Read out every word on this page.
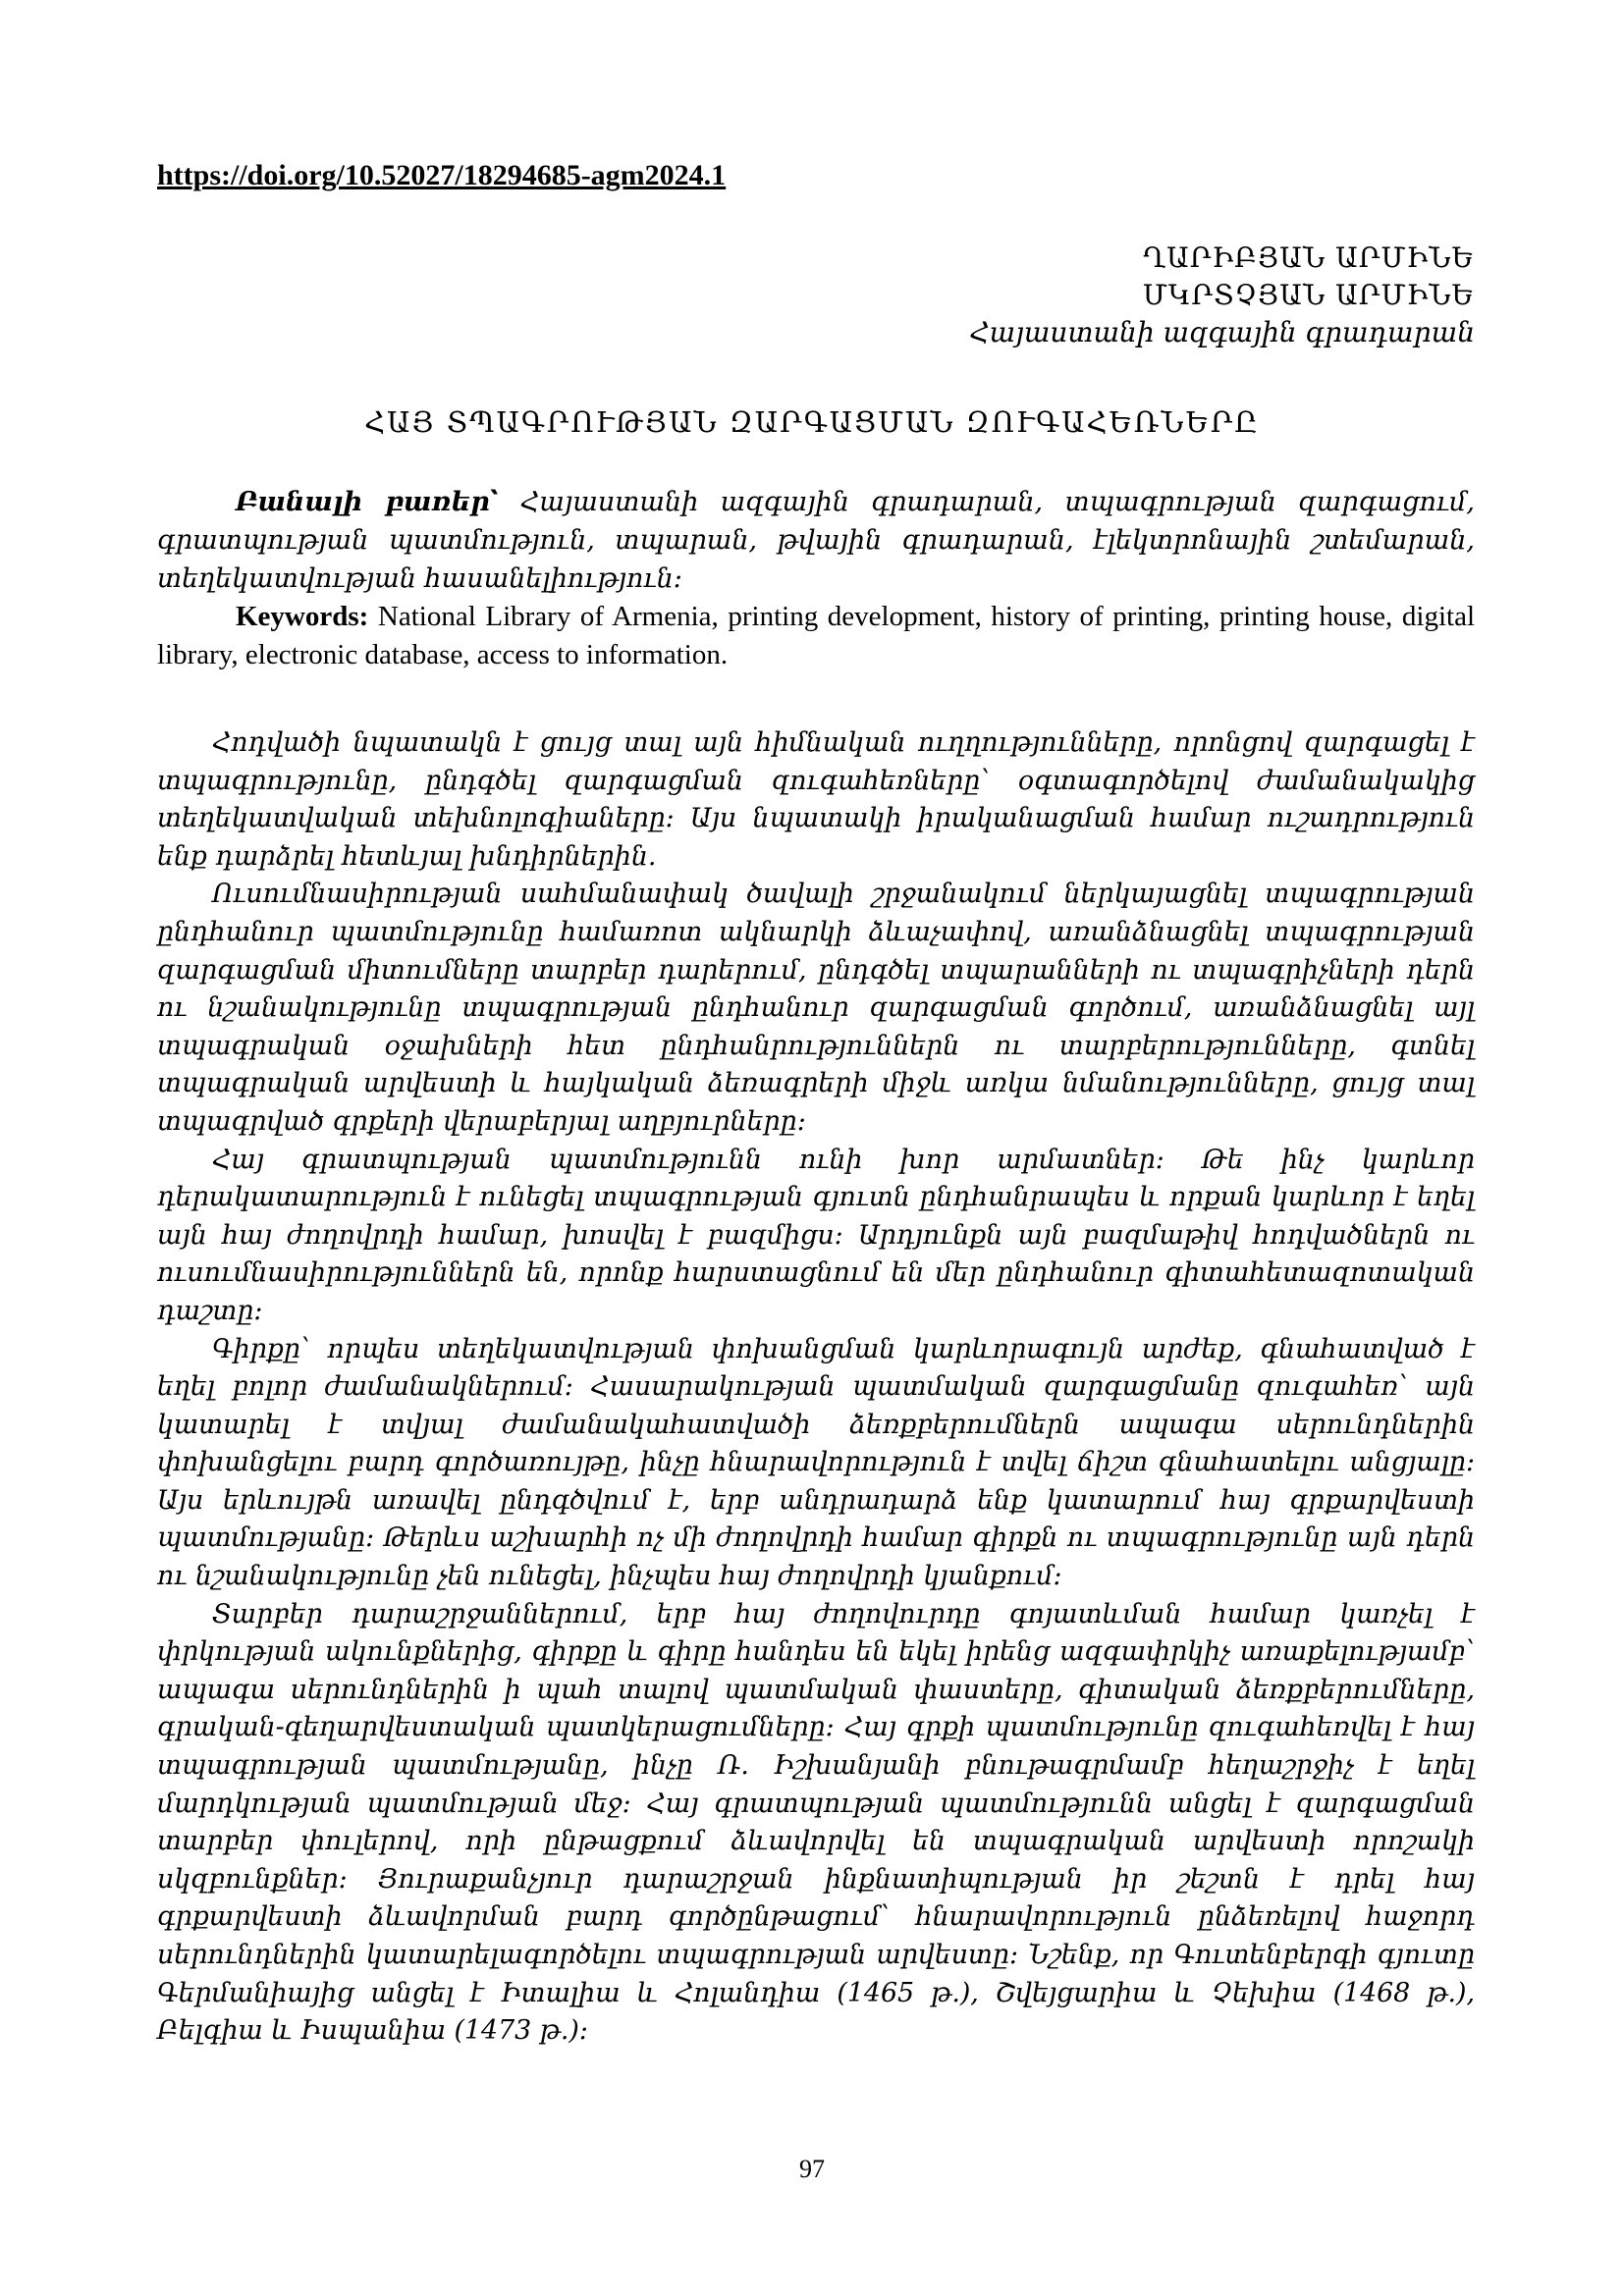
https://doi.org/10.52027/18294685-agm2024.1
ՂԱՐԻԲՅԱՆ ԱՐՄԻՆԵ
ՄԿՐՏՉՅԱՆ ԱՐՄԻՆԵ
Հայաստանի ազգային գրադարան
ՀԱՅ ՏՊԱԳՐՈՒԹՅԱՆ ԶԱՐԳԱՑՄԱՆ ԶՈՒԳԱՀԵՌՆԵՐԸ

Բանալի բառեր՝ Հայաստանի ազգային գրադարան, տպագրության զարգացում, գրատպության պատմություն, տպարան, թվային գրադարան, էլեկտրոնային շտեմարան, տեղեկատվության հասանելիություն:

Keywords: National Library of Armenia, printing development, history of printing, printing house, digital library, electronic database, access to information.

Հոդվածի նպատակն է ցույց տալ այն հիմնական ուղղությունները, որոնցով զարգացել է տպագրությունը, ընդգծել զարգացման զուգահեռները՝ օգտագործելով ժամանակակից տեղեկատվական տեխնոլոգիաները: Այս նպատակի իրականացման համար ուշադրություն ենք դարձրել հետևյալ խնդիրներին.

Ուսումնասիրության սահմանափակ ծավալի շրջանակում ներկայացնել տպագրության ընդհանուր պատմությունը համառոտ ակնարկի ձևաչափով, առանձնացնել տպագրության զարգացման միտումները տարբեր դարերում, ընդգծել տպարանների ու տպագրիչների դերն ու նշանակությունը տպագրության ընդհանուր զարգացման գործում, առանձնացնել այլ տպագրական օջախների հետ ընդհանրություններն ու տարբերությունները, գտնել տպագրական արվեստի և հայկական ձեռագրերի միջև առկա նմանությունները, ցույց տալ տպագրված գրքերի վերաբերյալ աղբյուրները:

Հայ գրատպության պատմությունն ունի խոր արմատներ: Թե ինչ կարևոր դերակատարություն է ունեցել տպագրության գյուտն ընդհանրապես և որքան կարևոր է եղել այն հայ ժողովրդի համար, խոսվել է բազմիցս: Արդյունքն այն բազմաթիվ հոդվածներն ու ուսումնասիրություններն են, որոնք հարստացնում են մեր ընդհանուր գիտահետազոտական դաշտը:

Գիրքը՝ որպես տեղեկատվության փոխանցման կարևորագույն արժեք, գնահատված է եղել բոլոր ժամանակներում: Հասարակության պատմական զարգացմանը զուգահեռ՝ այն կատարել է տվյալ ժամանակահատվածի ձեռքբերումներն ապագա սերունդներին փոխանցելու բարդ գործառույթը, ինչը հնարավորություն է տվել ճիշտ գնահատելու անցյալը: Այս երևույթն առավել ընդգծվում է, երբ անդրադարձ ենք կատարում հայ գրքարվեստի պատմությանը: Թերևս աշխարհի ոչ մի ժողովրդի համար գիրքն ու տպագրությունը այն դերն ու նշանակությունը չեն ունեցել, ինչպես հայ ժողովրդի կյանքում:

Տարբեր դարաշրջաններում, երբ հայ ժողովուրդը գոյատևման համար կառչել է փրկության ակունքներից, գիրքը և գիրը հանդես են եկել իրենց ազգափրկիչ առաքելությամբ՝ ապագա սերունդներին ի պահ տալով պատմական փաստերը, գիտական ձեռքբերումները, գրական-գեղարվեստական պատկերացումները: Հայ գրքի պատմությունը զուգահեռվել է հայ տպագրության պատմությանը, ինչը Ռ. Իշխանյանի բնութագրմամբ հեղաշրջիչ է եղել մարդկության պատմության մեջ: Հայ գրատպության պատմությունն անցել է զարգացման տարբեր փուլերով, որի ընթացքում ձևավորվել են տպագրական արվեստի որոշակի սկզբունքներ: Յուրաքանչյուր դարաշրջան ինքնատիպության իր շեշտն է դրել հայ գրքարվեստի ձևավորման բարդ գործընթացում՝ հնարավորություն ընձեռելով հաջորդ սերունդներին կատարելագործելու տպագրության արվեստը: Նշենք, որ Գուտենբերգի գյուտը Գերմանիայից անցել է Իտալիա և Հոլանդիա (1465 թ.), Շվեյցարիա և Չեխիա (1468 թ.), Բելգիա և Իսպանիա (1473 թ.):

97
